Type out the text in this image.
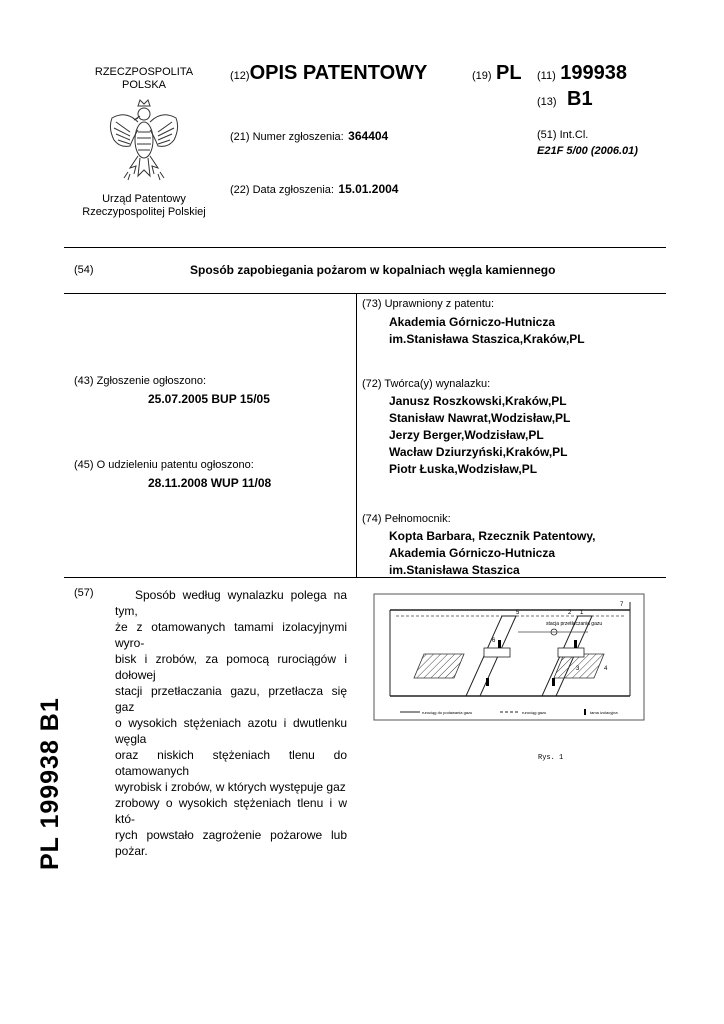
RZECZPOSPOLITA
POLSKA
Urząd Patentowy
Rzeczypospolitej Polskiej
(12)OPIS PATENTOWY	(19) PL (11) 199938
(13) B1
(21) Numer zgłoszenia: 364404	(51) Int.Cl.
E21F 5/00 (2006.01)
(22) Data zgłoszenia: 15.01.2004
(54)	Sposób zapobiegania pożarom w kopalniach węgla kamiennego
(43) Zgłoszenie ogłoszono:
25.07.2005 BUP 15/05
(45) O udzieleniu patentu ogłoszono:
28.11.2008 WUP 11/08
(73) Uprawniony z patentu:
Akademia Górniczo-Hutnicza
im.Stanisława Staszica,Kraków,PL
(72) Twórca(y) wynalazku:
Janusz Roszkowski,Kraków,PL
Stanisław Nawrat,Wodzisław,PL
Jerzy Berger,Wodzisław,PL
Wacław Dziurzyński,Kraków,PL
Piotr Łuska,Wodzisław,PL
(74) Pełnomocnik:
Kopta Barbara, Rzecznik Patentowy,
Akademia Górniczo-Hutnicza
im.Stanisława Staszica
(57)	Sposób według wynalazku polega na tym,
że z otamowanych tamami izolacyjnymi wyro-
bisk i zrobów, za pomocą rurociągów i dołowej
stacji przetłaczania gazu, przetłacza się gaz
o wysokich stężeniach azotu i dwutlenku węgla
oraz niskich stężeniach tlenu do otamowanych
wyrobisk i zrobów, w których występuje gaz
zrobowy o wysokich stężeniach tlenu i w któ-
rych powstało zagrożenie pożarowe lub pożar.
stacja przetłaczania gazu
5	2 1
7
6
3	4
rurociąg do podawania gazu	rurociąg gazu	tama izolacyjna
Rys. 1
PL 199938 B1
